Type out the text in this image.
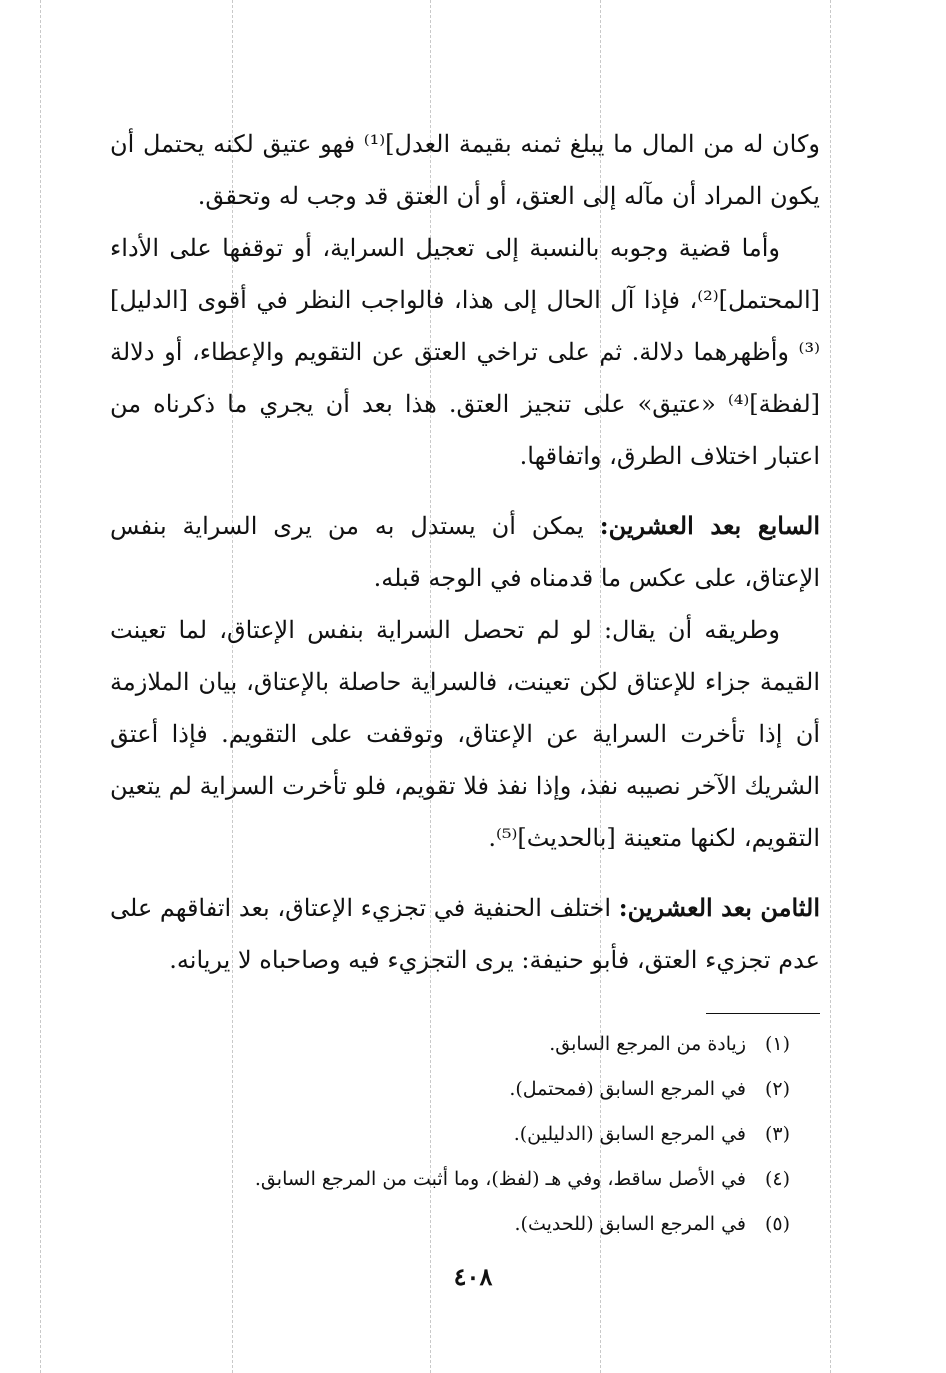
وكان له من المال ما يبلغ ثمنه بقيمة العدل]⁽¹⁾ فهو عتيق لكنه يحتمل أن يكون المراد أن مآله إلى العتق، أو أن العتق قد وجب له وتحقق.

وأما قضية وجوبه بالنسبة إلى تعجيل السراية، أو توقفها على الأداء [المحتمل]⁽²⁾، فإذا آل الحال إلى هذا، فالواجب النظر في أقوى [الدليل]⁽³⁾ وأظهرهما دلالة. ثم على تراخي العتق عن التقويم والإعطاء، أو دلالة [لفظة]⁽⁴⁾ «عتيق» على تنجيز العتق. هذا بعد أن يجري ما ذكرناه من اعتبار اختلاف الطرق، واتفاقها.

السابع بعد العشرين: يمكن أن يستدل به من يرى السراية بنفس الإعتاق، على عكس ما قدمناه في الوجه قبله.

وطريقه أن يقال: لو لم تحصل السراية بنفس الإعتاق، لما تعينت القيمة جزاء للإعتاق لكن تعينت، فالسراية حاصلة بالإعتاق، بيان الملازمة أن إذا تأخرت السراية عن الإعتاق، وتوقفت على التقويم. فإذا أعتق الشريك الآخر نصيبه نفذ، وإذا نفذ فلا تقويم، فلو تأخرت السراية لم يتعين التقويم، لكنها متعينة [بالحديث]⁽⁵⁾.

الثامن بعد العشرين: اختلف الحنفية في تجزيء الإعتاق، بعد اتفاقهم على عدم تجزيء العتق، فأبو حنيفة: يرى التجزيء فيه وصاحباه لا يريانه.

(١)زيادة من المرجع السابق.
(٢)في المرجع السابق (فمحتمل).
(٣)في المرجع السابق (الدليلين).
(٤)في الأصل ساقط، وفي هـ (لفظ)، وما أثبت من المرجع السابق.
(٥)في المرجع السابق (للحديث).
٤٠٨
